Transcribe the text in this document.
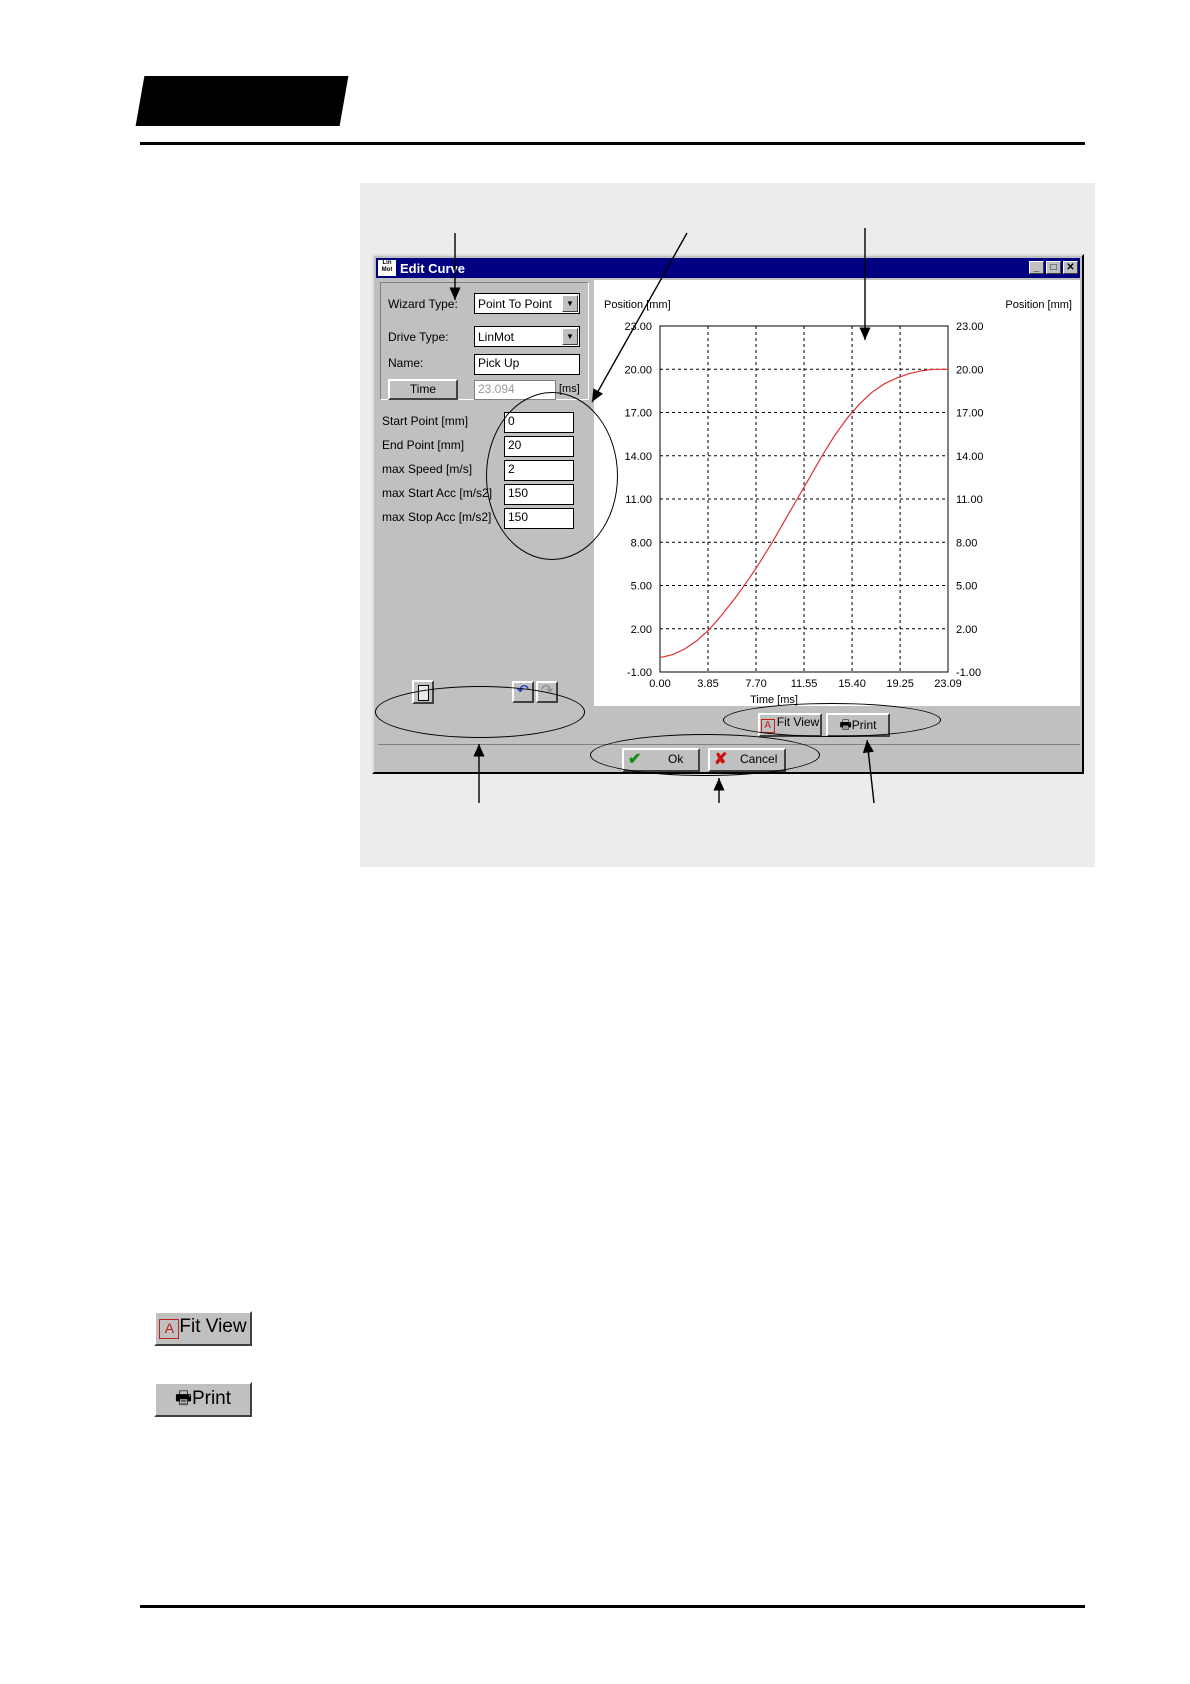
Lin Mot Edit Curve	_	□ ✕
Wizard Type: Point To Point	▼
Drive Type: LinMot	▼
Name:	Pick Up
Time	23.094	[ms]
Start Point [mm]	0
End Point [mm]	20
max Speed [m/s]	2
max Start Acc [m/s2]	150
max Stop Acc [m/s2]	150
↶ ↷	0.00 3.85 7.70 11.55 15.40 19.25 23.09
23.00	23.00
20.00	20.00
17.00	17.00
14.00	14.00
11.00	11.00
8.00	8.00
5.00	5.00
2.00	2.00
-1.00	-1.00
Position [mm]	Position [mm]
Time [ms]
A Fit View	🖶Print
✔ Ok	✘ Cancel
A Fit View
🖶Print
